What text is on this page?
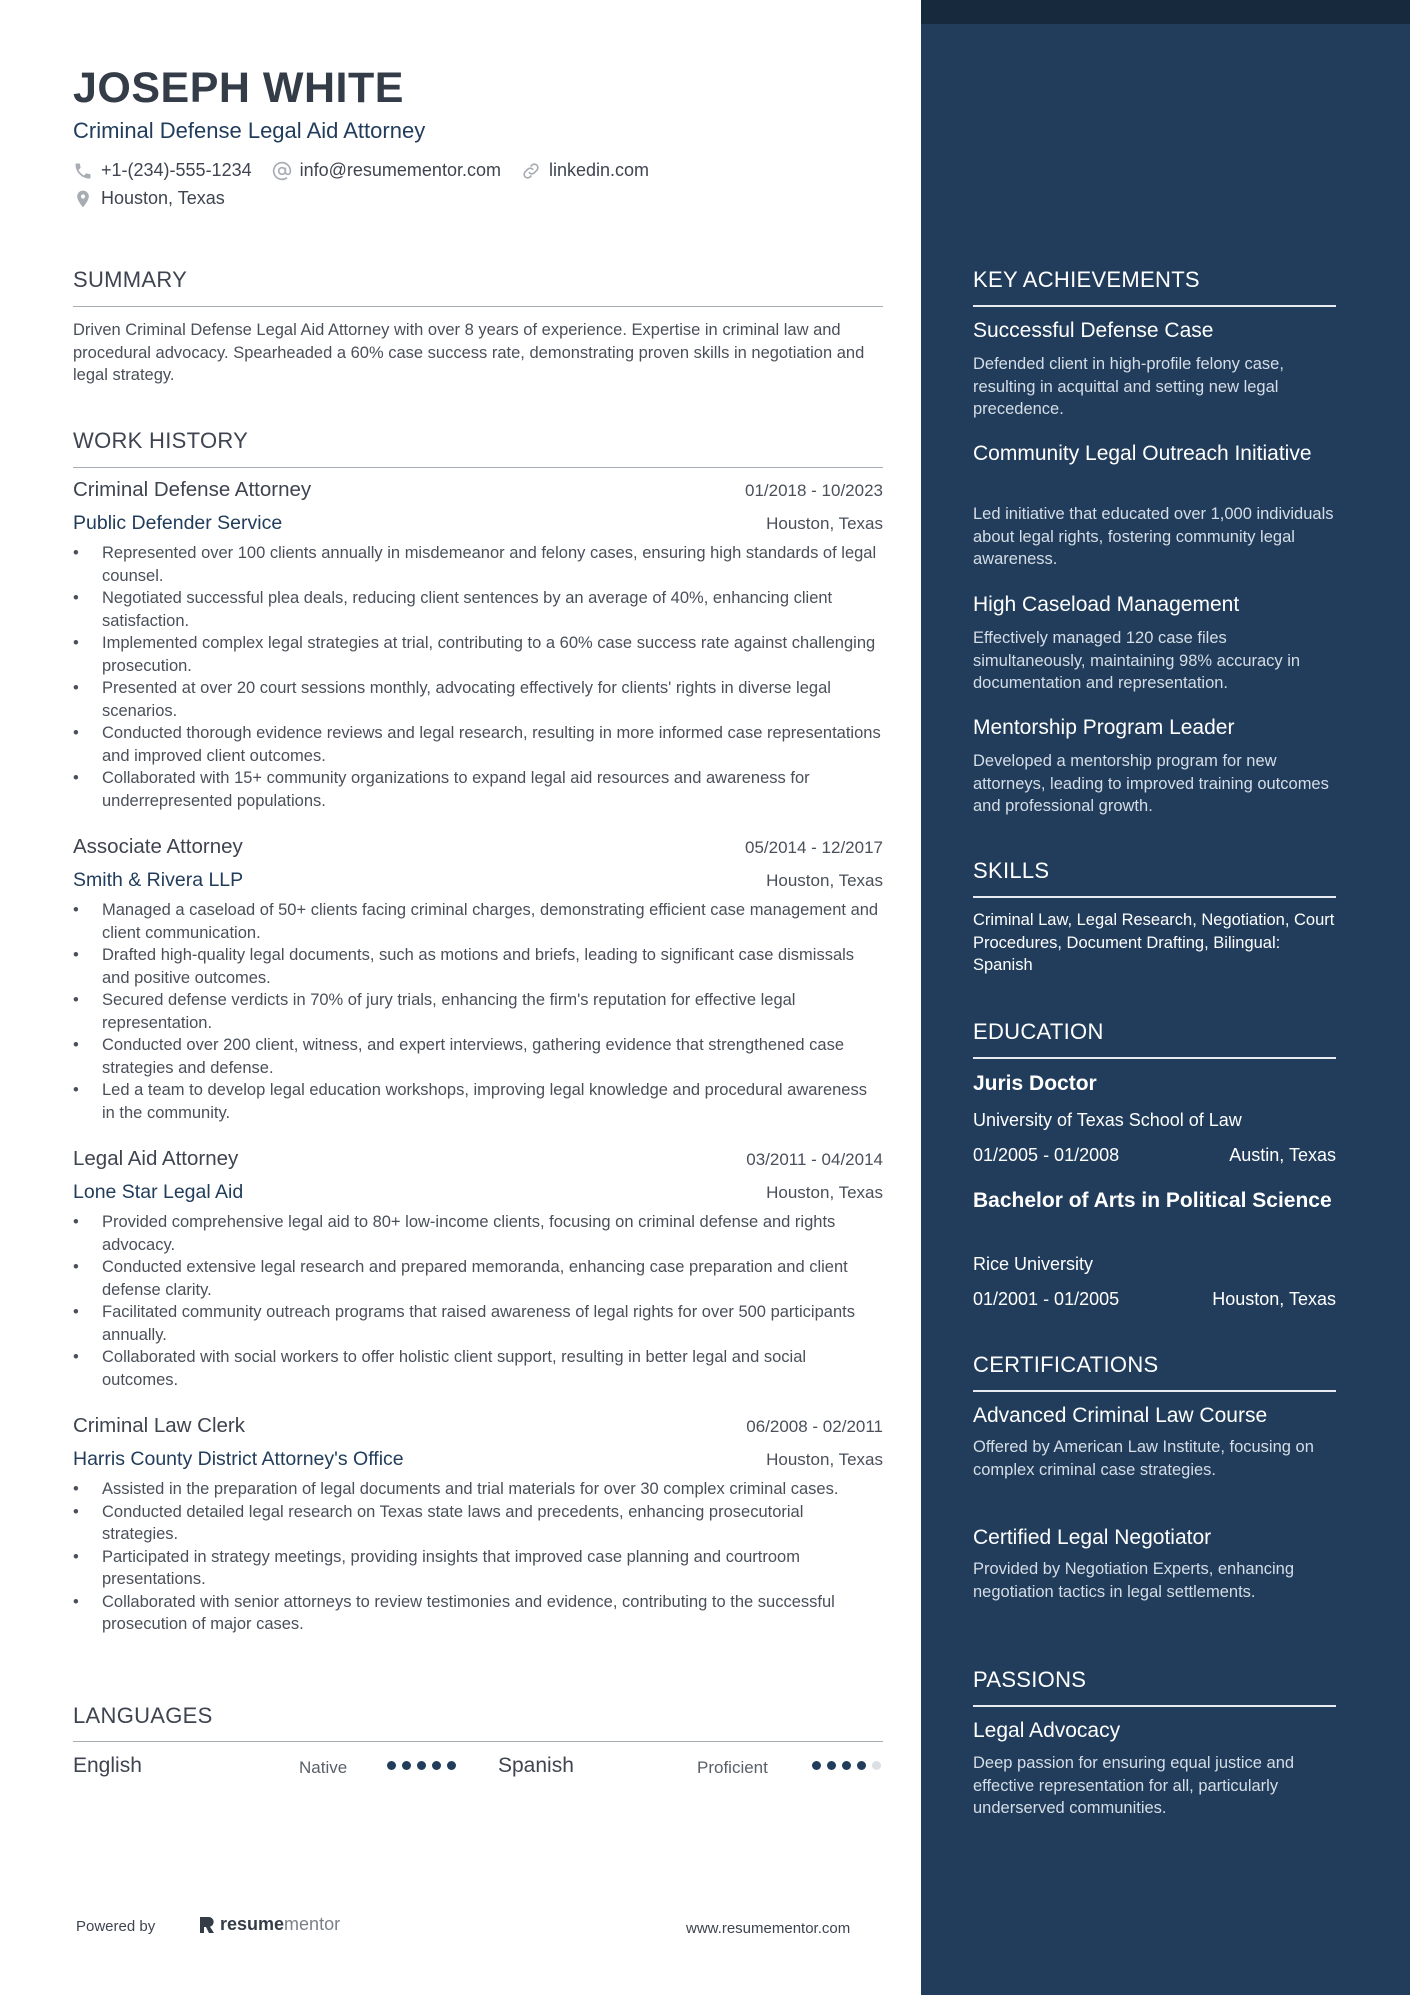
JOSEPH WHITE
Criminal Defense Legal Aid Attorney
+1-(234)-555-1234	info@resumementor.com	linkedin.com
Houston, Texas
SUMMARY
Driven Criminal Defense Legal Aid Attorney with over 8 years of experience. Expertise in criminal law and procedural advocacy. Spearheaded a 60% case success rate, demonstrating proven skills in negotiation and legal strategy.
WORK HISTORY
Criminal Defense Attorney	01/2018 - 10/2023
Public Defender Service	Houston, Texas
• Represented over 100 clients annually in misdemeanor and felony cases, ensuring high standards of legal counsel.
• Negotiated successful plea deals, reducing client sentences by an average of 40%, enhancing client satisfaction.
• Implemented complex legal strategies at trial, contributing to a 60% case success rate against challenging prosecution.
• Presented at over 20 court sessions monthly, advocating effectively for clients' rights in diverse legal scenarios.
• Conducted thorough evidence reviews and legal research, resulting in more informed case representations and improved client outcomes.
• Collaborated with 15+ community organizations to expand legal aid resources and awareness for underrepresented populations.
Associate Attorney	05/2014 - 12/2017
Smith & Rivera LLP	Houston, Texas
• Managed a caseload of 50+ clients facing criminal charges, demonstrating efficient case management and client communication.
• Drafted high-quality legal documents, such as motions and briefs, leading to significant case dismissals and positive outcomes.
• Secured defense verdicts in 70% of jury trials, enhancing the firm's reputation for effective legal representation.
• Conducted over 200 client, witness, and expert interviews, gathering evidence that strengthened case strategies and defense.
• Led a team to develop legal education workshops, improving legal knowledge and procedural awareness in the community.
Legal Aid Attorney	03/2011 - 04/2014
Lone Star Legal Aid	Houston, Texas
• Provided comprehensive legal aid to 80+ low-income clients, focusing on criminal defense and rights advocacy.
• Conducted extensive legal research and prepared memoranda, enhancing case preparation and client defense clarity.
• Facilitated community outreach programs that raised awareness of legal rights for over 500 participants annually.
• Collaborated with social workers to offer holistic client support, resulting in better legal and social outcomes.
Criminal Law Clerk	06/2008 - 02/2011
Harris County District Attorney's Office	Houston, Texas
• Assisted in the preparation of legal documents and trial materials for over 30 complex criminal cases.
• Conducted detailed legal research on Texas state laws and precedents, enhancing prosecutorial strategies.
• Participated in strategy meetings, providing insights that improved case planning and courtroom presentations.
• Collaborated with senior attorneys to review testimonies and evidence, contributing to the successful prosecution of major cases.
LANGUAGES
English	Native	Spanish	Proficient
Powered by	resume mentor	www.resumementor.com
KEY ACHIEVEMENTS
Successful Defense Case
Defended client in high-profile felony case, resulting in acquittal and setting new legal precedence.
Community Legal Outreach Initiative
Led initiative that educated over 1,000 individuals about legal rights, fostering community legal awareness.
High Caseload Management
Effectively managed 120 case files simultaneously, maintaining 98% accuracy in documentation and representation.
Mentorship Program Leader
Developed a mentorship program for new attorneys, leading to improved training outcomes and professional growth.
SKILLS
Criminal Law, Legal Research, Negotiation, Court Procedures, Document Drafting, Bilingual: Spanish
EDUCATION
Juris Doctor
University of Texas School of Law
01/2005 - 01/2008	Austin, Texas
Bachelor of Arts in Political Science
Rice University
01/2001 - 01/2005	Houston, Texas
CERTIFICATIONS
Advanced Criminal Law Course
Offered by American Law Institute, focusing on complex criminal case strategies.
Certified Legal Negotiator
Provided by Negotiation Experts, enhancing negotiation tactics in legal settlements.
PASSIONS
Legal Advocacy
Deep passion for ensuring equal justice and effective representation for all, particularly underserved communities.
